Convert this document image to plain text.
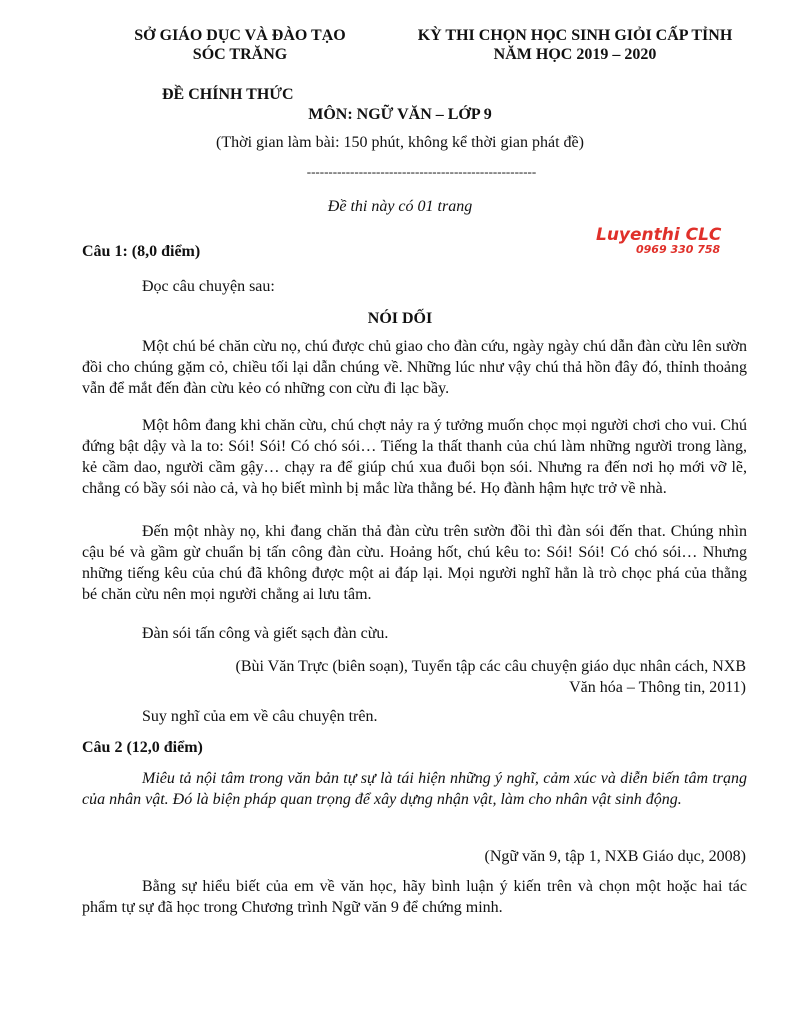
SỞ GIÁO DỤC VÀ ĐÀO TẠO
SÓC TRĂNG
KỲ THI CHỌN HỌC SINH GIỎI CẤP TỈNH
NĂM HỌC 2019 – 2020
ĐỀ CHÍNH THỨC
MÔN: NGỮ VĂN – LỚP 9
(Thời gian làm bài: 150 phút, không kể thời gian phát đề)
-----------------------------------------------------
Đề thi này có 01 trang
Luyenthi CLC
0969 330 758
Câu 1: (8,0 điểm)
Đọc câu chuyện sau:
NÓI DỐI
Một chú bé chăn cừu nọ, chú được chủ giao cho đàn cứu, ngày ngày chú dẫn đàn cừu lên sườn đồi cho chúng gặm cỏ, chiều tối lại dẫn chúng về. Những lúc như vậy chú thả hồn đây đó, thỉnh thoảng vẫn để mắt đến đàn cừu kẻo có những con cừu đi lạc bầy.
Một hôm đang khi chăn cừu, chú chợt nảy ra ý tưởng muốn chọc mọi người chơi cho vui. Chú đứng bật dậy và la to: Sói! Sói! Có chó sói… Tiếng la thất thanh của chú làm những người trong làng, kẻ cầm dao, người cầm gậy… chạy ra để giúp chú xua đuổi bọn sói. Nhưng ra đến nơi họ mới vỡ lẽ, chẳng có bầy sói nào cả, và họ biết mình bị mắc lừa thằng bé. Họ đành hậm hực trở về nhà.
Đến một nhày nọ, khi đang chăn thả đàn cừu trên sườn đồi thì đàn sói đến that. Chúng nhìn cậu bé và gầm gừ chuẩn bị tấn công đàn cừu. Hoảng hốt, chú kêu to: Sói! Sói! Có chó sói… Nhưng những tiếng kêu của chú đã không được một ai đáp lại. Mọi người nghĩ hẳn là trò chọc phá của thằng bé chăn cừu nên mọi người chẳng ai lưu tâm.
Đàn sói tấn công và giết sạch đàn cừu.
(Bùi Văn Trực (biên soạn), Tuyển tập các câu chuyện giáo dục nhân cách, NXB
Văn hóa – Thông tin, 2011)
Suy nghĩ của em về câu chuyện trên.
Câu 2 (12,0 điểm)
Miêu tả nội tâm trong văn bản tự sự là tái hiện những ý nghĩ, cảm xúc và diễn biến tâm trạng của nhân vật. Đó là biện pháp quan trọng để xây dựng nhận vật, làm cho nhân vật sinh động.
(Ngữ văn 9, tập 1, NXB Giáo dục, 2008)
Bằng sự hiểu biết của em về văn học, hãy bình luận ý kiến trên và chọn một hoặc hai tác phẩm tự sự đã học trong Chương trình Ngữ văn 9 để chứng minh.
